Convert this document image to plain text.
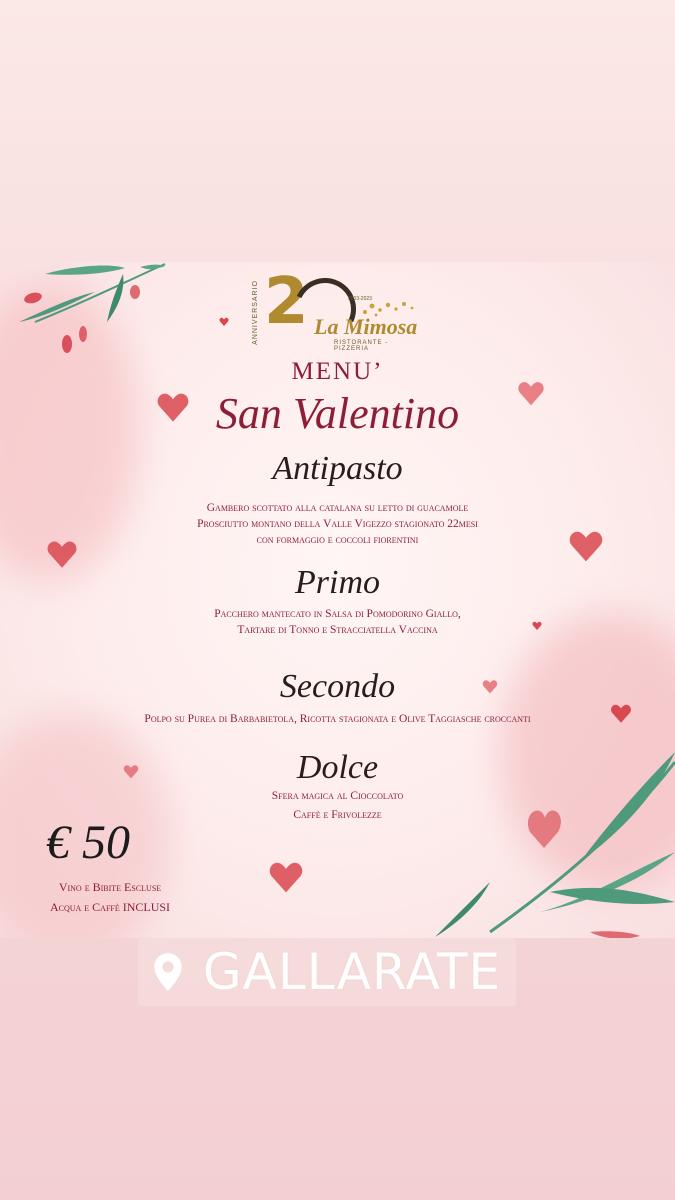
ANNIVERSARIO 2	2003-2023
La Mimosa
RISTORANTE - PIZZERIA
MENU’
San Valentino
Antipasto
Gambero scottato alla catalana su letto di guacamole
Prosciutto montano della Valle Vigezzo stagionato 22mesi
con formaggio e coccoli fiorentini
Primo
Pacchero mantecato in Salsa di Pomodorino Giallo,
Tartare di Tonno e Stracciatella Vaccina
Secondo
Polpo su Purea di Barbabietola, Ricotta stagionata e Olive Taggiasche croccanti
Dolce
Sfera magica al Cioccolato
Caffè e Frivolezze
€ 50
Vino e Bibite Escluse
Acqua e Caffè INCLUSI
GALLARATE
